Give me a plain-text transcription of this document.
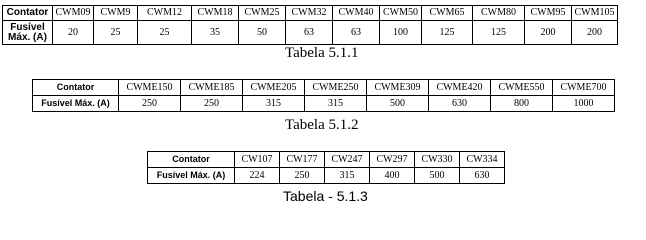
Contator	CWM09	CWM9	CWM12	CWM18	CWM25	CWM32	CWM40	CWM50	CWM65	CWM80	CWM95	CWM105
Fusível Máx. (A)	20	25	25	35	50	63	63	100	125	125	200	200
Tabela 5.1.1
Contator	CWME150	CWME185	CWME205	CWME250	CWME309	CWME420	CWME550	CWME700
Fusível Máx. (A)	250	250	315	315	500	630	800	1000
Tabela 5.1.2
Contator	CW107	CW177	CW247	CW297	CW330	CW334
Fusível Máx. (A)	224	250	315	400	500	630
Tabela - 5.1.3
